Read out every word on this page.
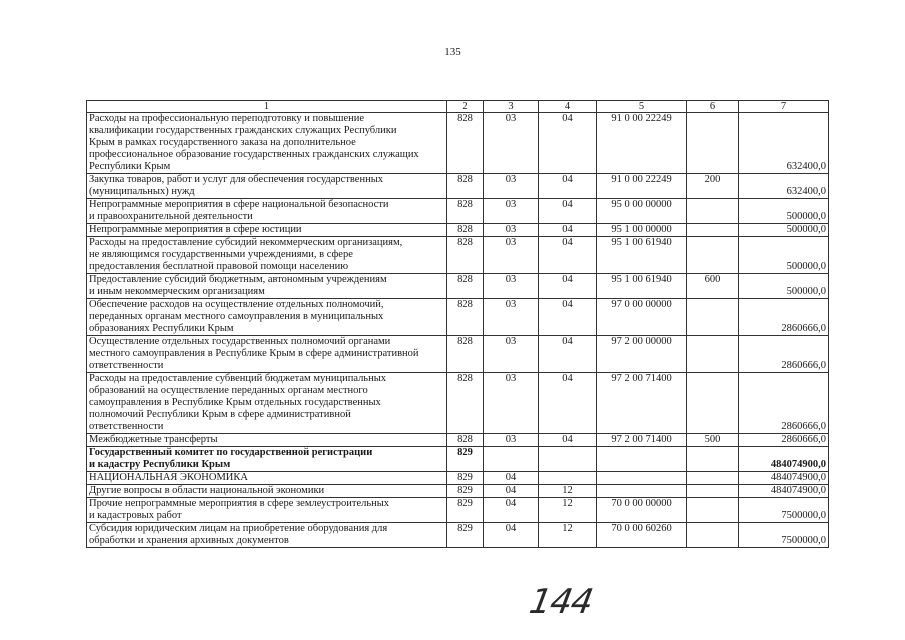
135
1	2	3	4	5	6	7

Расходы на профессиональную переподготовку и повышение
квалификации государственных гражданских служащих Республики
Крым в рамках государственного заказа на дополнительное
профессиональное образование государственных гражданских служащих
Республики Крым	828	03	04	91 0 00 22249		632400,0

Закупка товаров, работ и услуг для обеспечения государственных
(муниципальных) нужд	828	03	04	91 0 00 22249	200	632400,0

Непрограммные мероприятия в сфере национальной безопасности
и правоохранительной деятельности	828	03	04	95 0 00 00000		500000,0

Непрограммные мероприятия в сфере юстиции	828	03	04	95 1 00 00000		500000,0

Расходы на предоставление субсидий некоммерческим организациям,
не являющимся государственными учреждениями, в сфере
предоставления бесплатной правовой помощи населению	828	03	04	95 1 00 61940		500000,0

Предоставление субсидий бюджетным, автономным учреждениям
и иным некоммерческим организациям	828	03	04	95 1 00 61940	600	500000,0

Обеспечение расходов на осуществление отдельных полномочий,
переданных органам местного самоуправления в муниципальных
образованиях Республики Крым	828	03	04	97 0 00 00000		2860666,0

Осуществление отдельных государственных полномочий органами
местного самоуправления в Республике Крым в сфере административной
ответственности	828	03	04	97 2 00 00000		2860666,0

Расходы на предоставление субвенций бюджетам муниципальных
образований на осуществление переданных органам местного
самоуправления в Республике Крым отдельных государственных
полномочий Республики Крым в сфере административной
ответственности	828	03	04	97 2 00 71400		2860666,0

Межбюджетные трансферты	828	03	04	97 2 00 71400	500	2860666,0

Государственный комитет по государственной регистрации
и кадастру Республики Крым	829					484074900,0

НАЦИОНАЛЬНАЯ ЭКОНОМИКА	829	04				484074900,0

Другие вопросы в области национальной экономики	829	04	12			484074900,0

Прочие непрограммные мероприятия в сфере землеустроительных
и кадастровых работ	829	04	12	70 0 00 00000		7500000,0

Субсидия юридическим лицам на приобретение оборудования для
обработки и хранения архивных документов	829	04	12	70 0 00 60260		7500000,0
144
